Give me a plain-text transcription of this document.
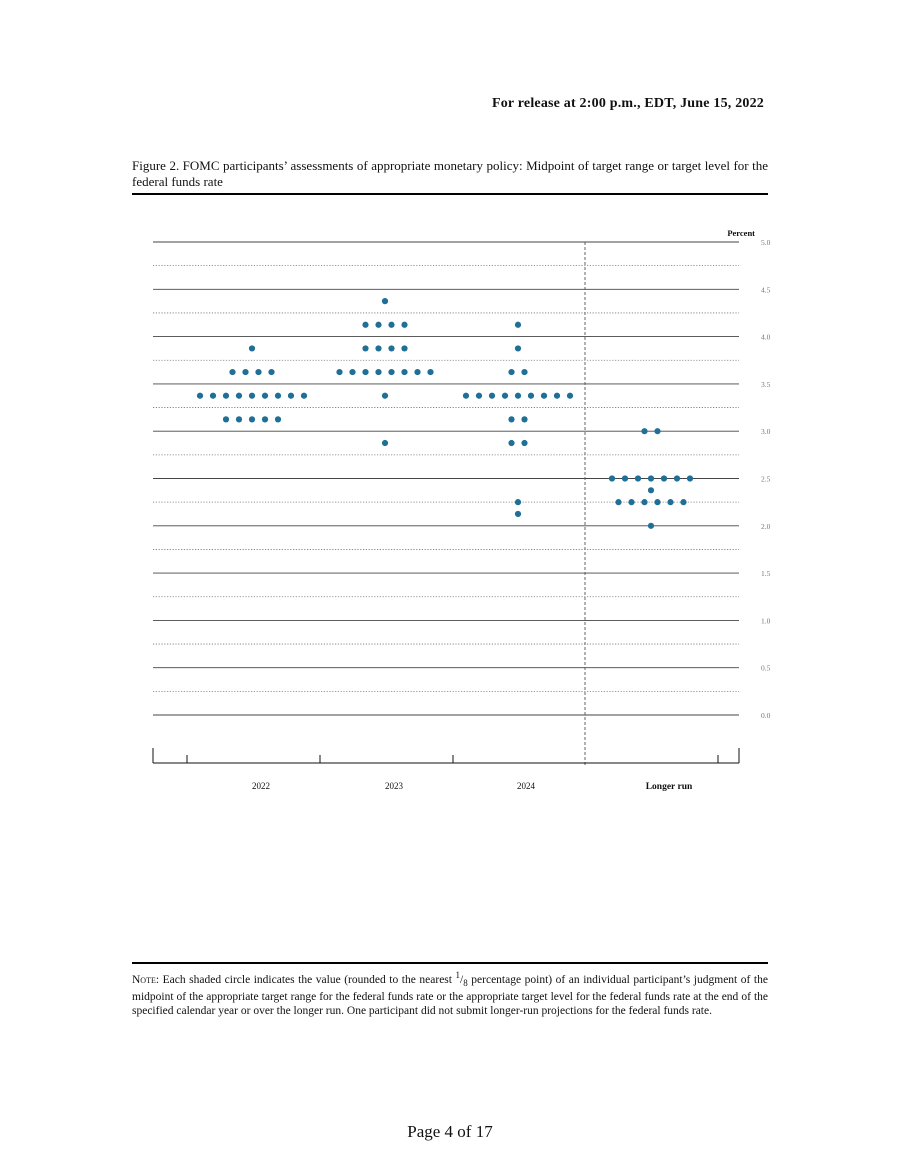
For release at 2:00 p.m., EDT, June 15, 2022
Figure 2. FOMC participants’ assessments of appropriate monetary policy: Midpoint of target range or target level for the federal funds rate
0.0
0.5
1.0
1.5
2.0
2.5
3.0
3.5
4.0
4.5
5.0
Percent
2022	2023	2024	Longer run
Note: Each shaded circle indicates the value (rounded to the nearest $^1/_8$ percentage point) of an individual participant’s judgment of the midpoint of the appropriate target range for the federal funds rate or the appropriate target level for the federal funds rate at the end of the specified calendar year or over the longer run. One participant did not submit longer-run projections for the federal funds rate.
Page 4 of 17
